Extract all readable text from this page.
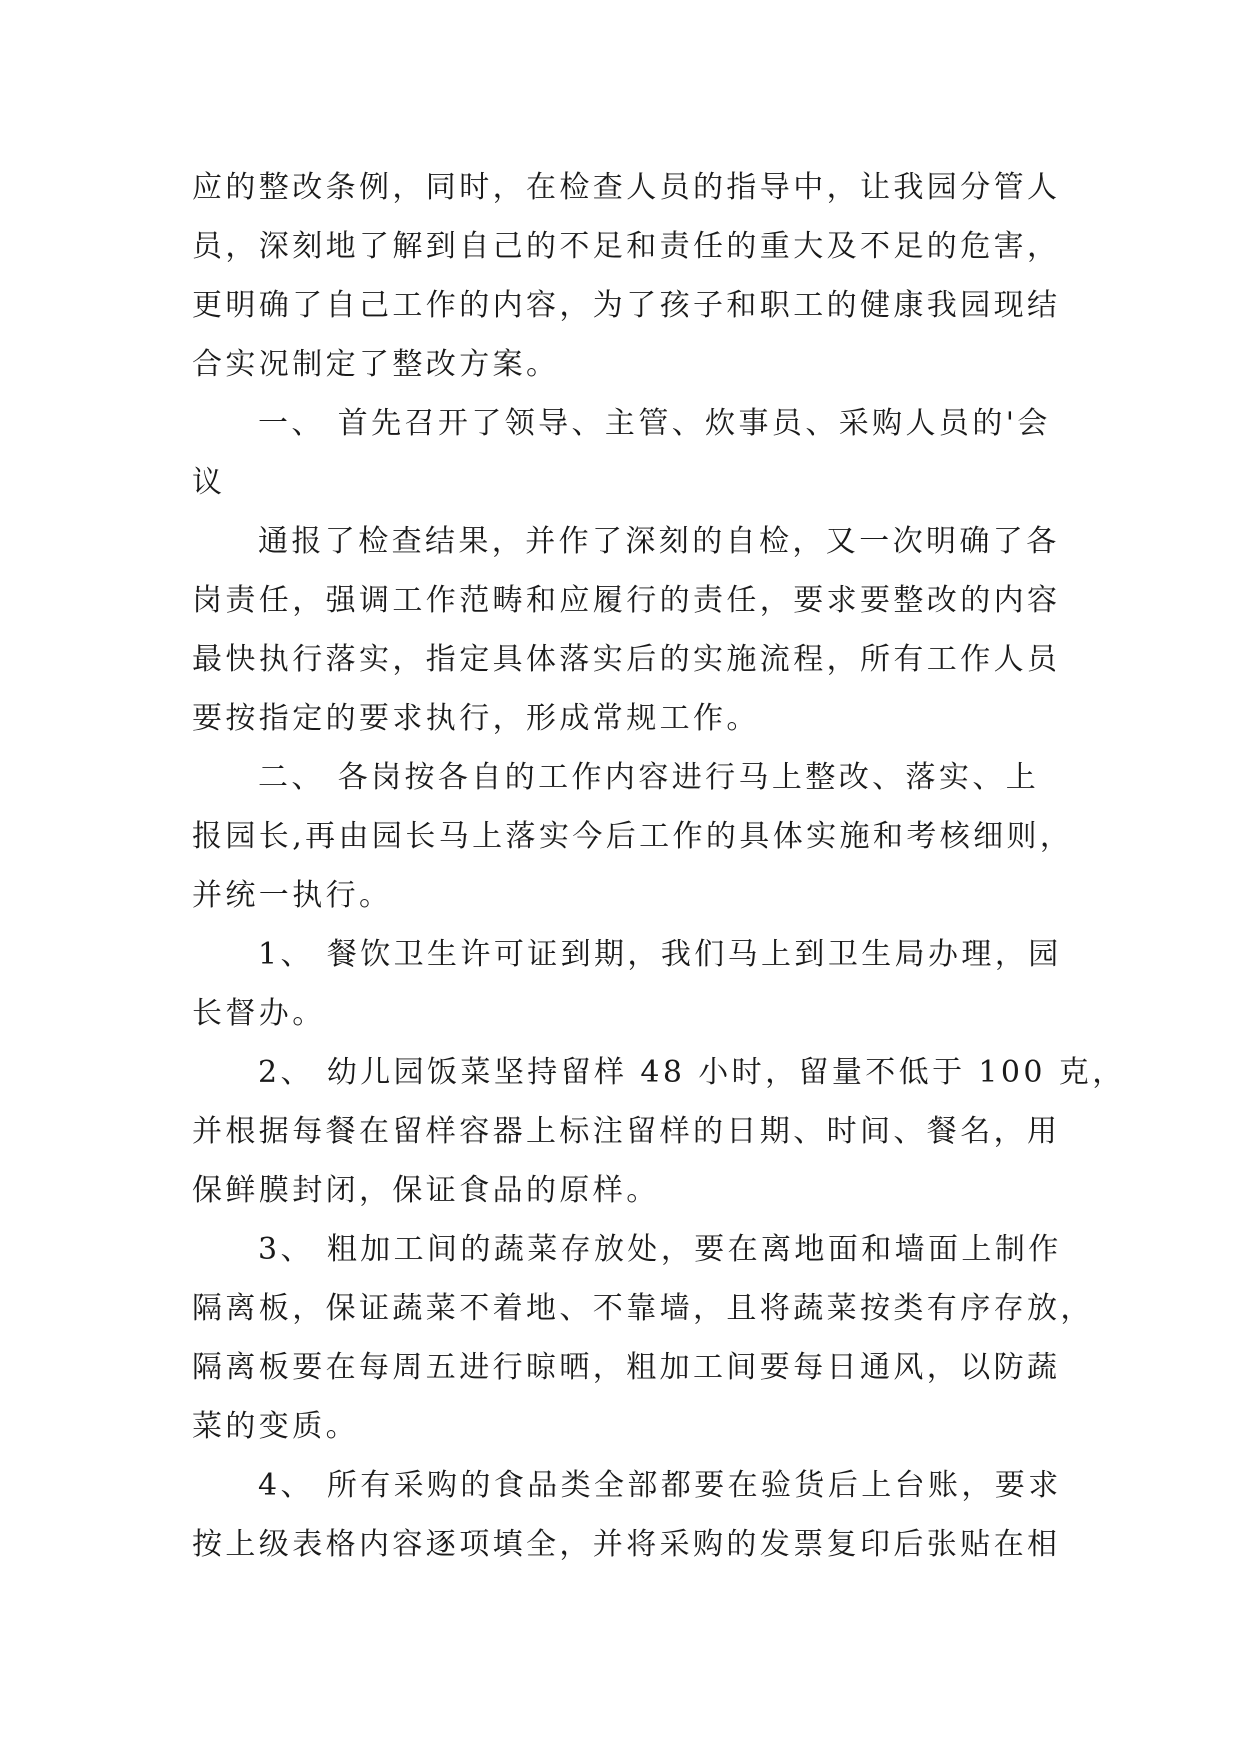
应的整改条例，同时，在检查人员的指导中，让我园分管人
员，深刻地了解到自己的不足和责任的重大及不足的危害，
更明确了自己工作的内容，为了孩子和职工的健康我园现结
合实况制定了整改方案。
一、 首先召开了领导、主管、炊事员、采购人员的'会
议
通报了检查结果，并作了深刻的自检，又一次明确了各
岗责任，强调工作范畴和应履行的责任，要求要整改的内容
最快执行落实，指定具体落实后的实施流程，所有工作人员
要按指定的要求执行，形成常规工作。
二、 各岗按各自的工作内容进行马上整改、落实、上
报园长,再由园长马上落实今后工作的具体实施和考核细则，
并统一执行。
1、 餐饮卫生许可证到期，我们马上到卫生局办理，园
长督办。
2、 幼儿园饭菜坚持留样 48 小时，留量不低于 100 克，
并根据每餐在留样容器上标注留样的日期、时间、餐名，用
保鲜膜封闭，保证食品的原样。
3、 粗加工间的蔬菜存放处，要在离地面和墙面上制作
隔离板，保证蔬菜不着地、不靠墙，且将蔬菜按类有序存放，
隔离板要在每周五进行晾晒，粗加工间要每日通风，以防蔬
菜的变质。
4、 所有采购的食品类全部都要在验货后上台账，要求
按上级表格内容逐项填全，并将采购的发票复印后张贴在相
